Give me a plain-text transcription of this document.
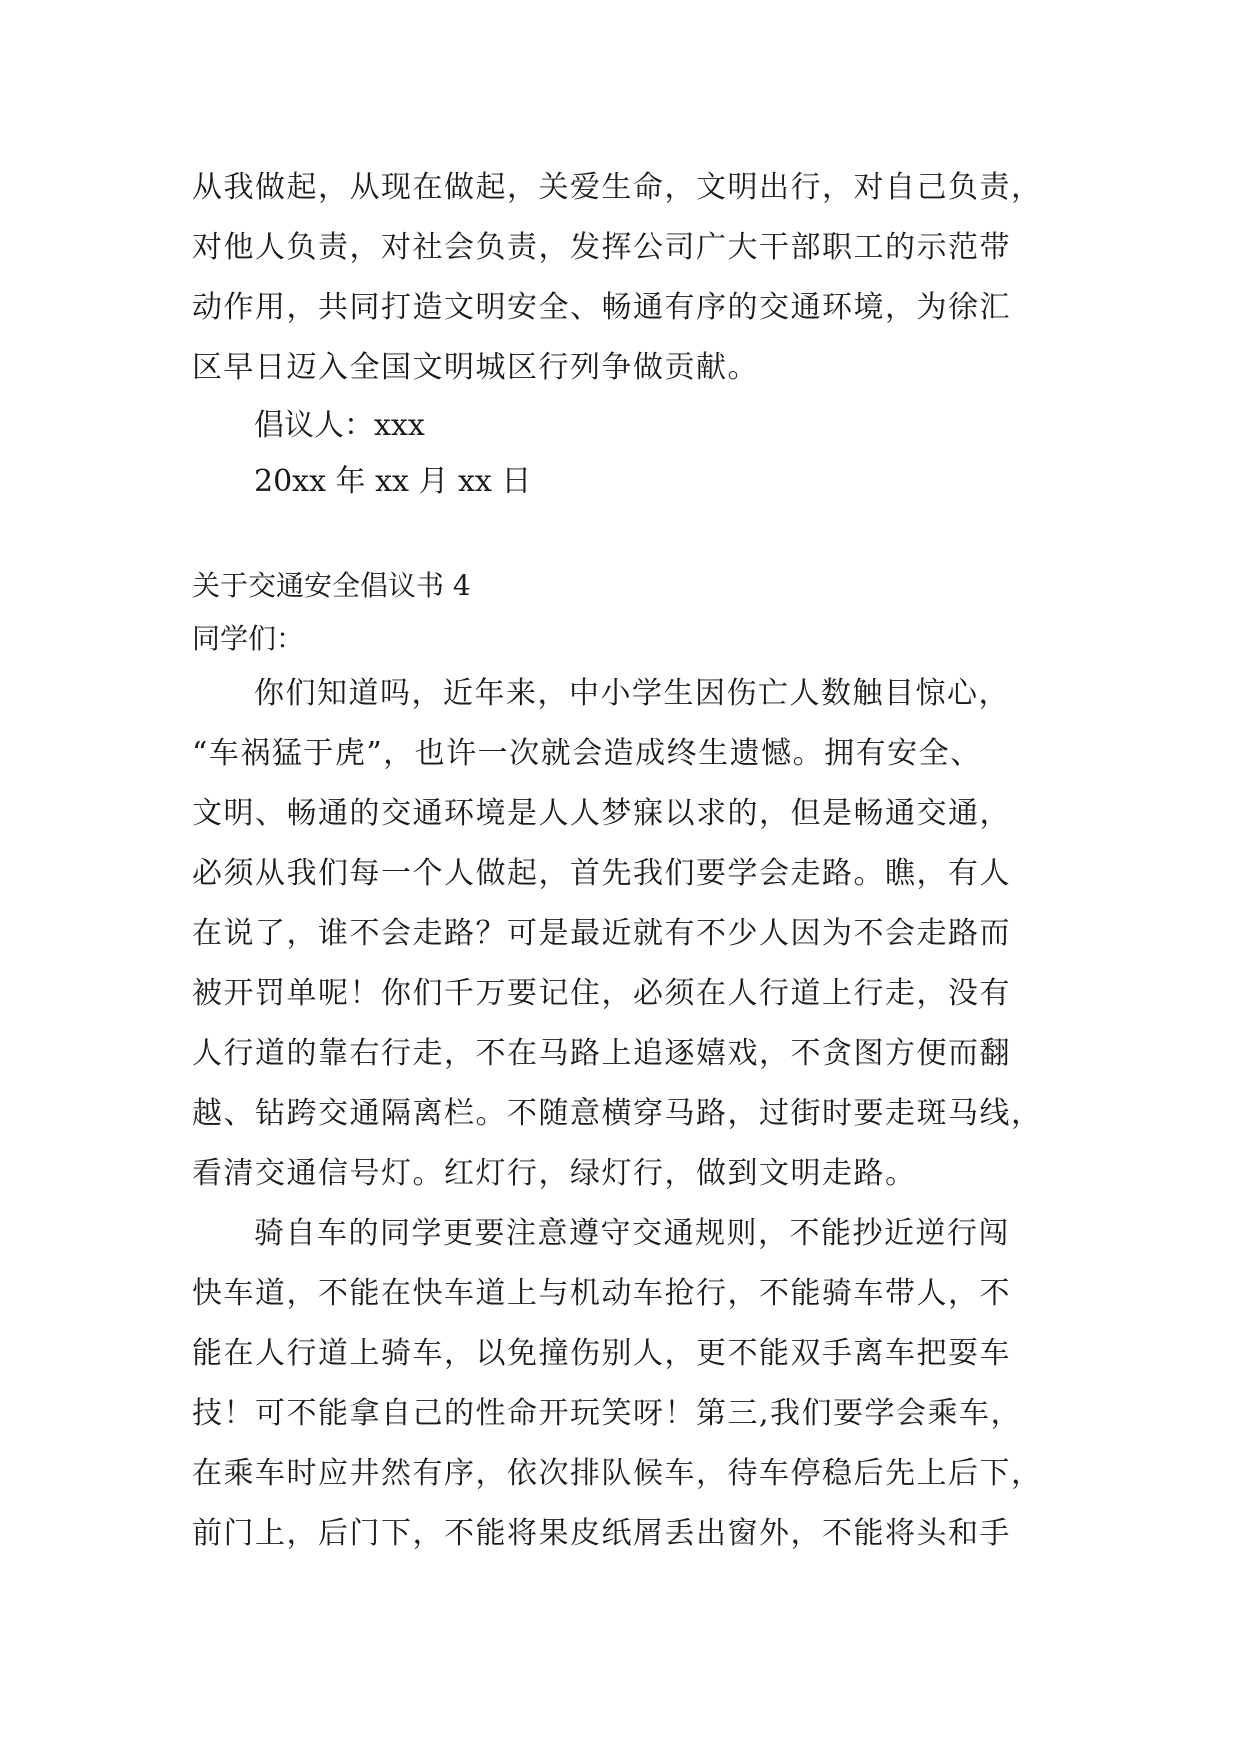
从我做起，从现在做起，关爱生命，文明出行，对自己负责，

对他人负责，对社会负责，发挥公司广大干部职工的示范带

动作用，共同打造文明安全、畅通有序的交通环境，为徐汇

区早日迈入全国文明城区行列争做贡献。

倡议人：xxx

20xx 年 xx 月 xx 日

关于交通安全倡议书 4

同学们：

你们知道吗，近年来，中小学生因伤亡人数触目惊心，

“车祸猛于虎”，也许一次就会造成终生遗憾。拥有安全、

文明、畅通的交通环境是人人梦寐以求的，但是畅通交通，

必须从我们每一个人做起，首先我们要学会走路。瞧，有人

在说了，谁不会走路？可是最近就有不少人因为不会走路而

被开罚单呢！你们千万要记住，必须在人行道上行走，没有

人行道的靠右行走，不在马路上追逐嬉戏，不贪图方便而翻

越、钻跨交通隔离栏。不随意横穿马路，过街时要走斑马线，

看清交通信号灯。红灯行，绿灯行，做到文明走路。

骑自车的同学更要注意遵守交通规则，不能抄近逆行闯

快车道，不能在快车道上与机动车抢行，不能骑车带人，不

能在人行道上骑车，以免撞伤别人，更不能双手离车把耍车

技！可不能拿自己的性命开玩笑呀！第三,我们要学会乘车，

在乘车时应井然有序，依次排队候车，待车停稳后先上后下，

前门上，后门下，不能将果皮纸屑丢出窗外，不能将头和手
